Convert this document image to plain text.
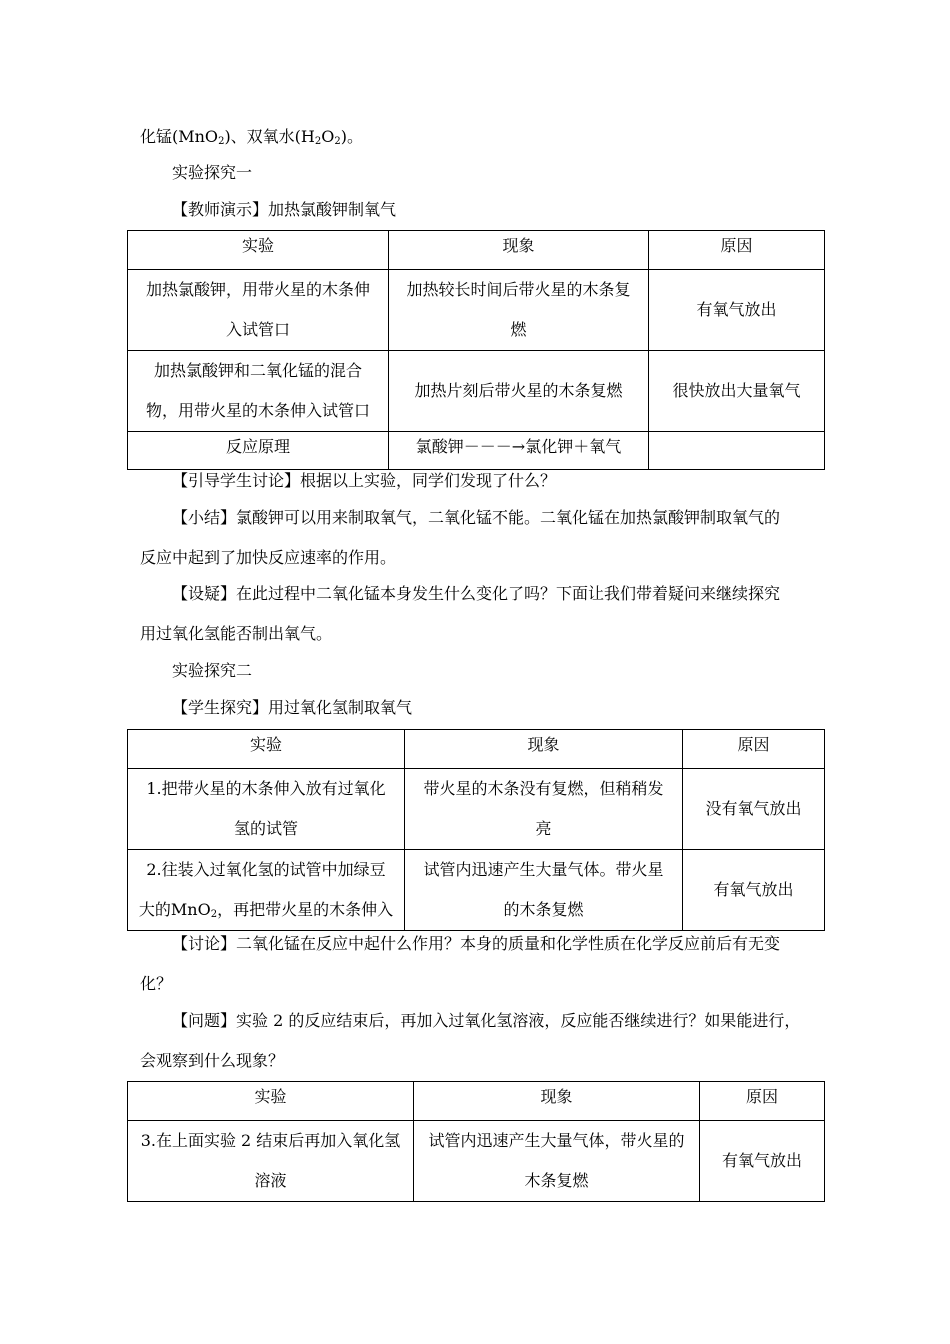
化锰(MnO$_2$)、双氧水$(H_2O_2)$。
实验探究一
【教师演示】加热氯酸钾制氧气
实验	现象	原因

加热氯酸钾，用带火星的木条伸
入试管口	加热较长时间后带火星的木条复
燃	有氧气放出

加热氯酸钾和二氧化锰的混合
物，用带火星的木条伸入试管口	加热片刻后带火星的木条复燃	很快放出大量氧气
反应原理	氯酸钾－－－→氯化钾＋氧气	
【引导学生讨论】根据以上实验，同学们发现了什么？
【小结】氯酸钾可以用来制取氧气，二氧化锰不能。二氧化锰在加热氯酸钾制取氧气的
反应中起到了加快反应速率的作用。
【设疑】在此过程中二氧化锰本身发生什么变化了吗？下面让我们带着疑问来继续探究
用过氧化氢能否制出氧气。
实验探究二
【学生探究】用过氧化氢制取氧气
实验	现象	原因

1.把带火星的木条伸入放有过氧化
氢的试管	带火星的木条没有复燃，但稍稍发
亮	没有氧气放出

2.往装入过氧化氢的试管中加绿豆
大的MnO$_2$，再把带火星的木条伸入	试管内迅速产生大量气体。带火星
的木条复燃	有氧气放出
【讨论】二氧化锰在反应中起什么作用？本身的质量和化学性质在化学反应前后有无变
化？
【问题】实验 2 的反应结束后，再加入过氧化氢溶液，反应能否继续进行？如果能进行，
会观察到什么现象？
实验	现象	原因

3.在上面实验 2 结束后再加入氧化氢
溶液	试管内迅速产生大量气体，带火星的
木条复燃	有氧气放出
